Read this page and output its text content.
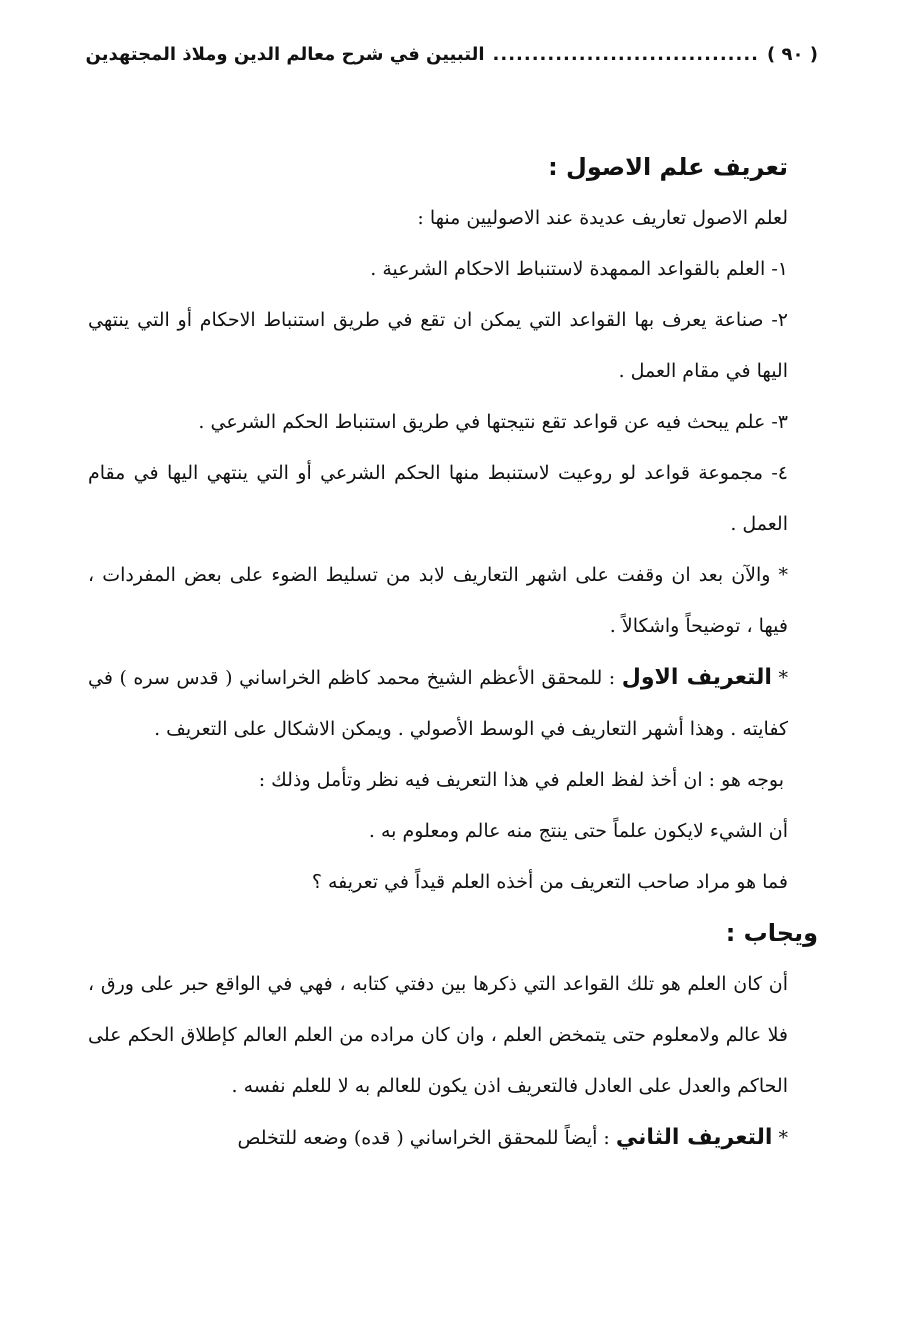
( ٩٠ )
..................................
التبيين في شرح معالم الدين وملاذ المجتهدين
تعريف علم الاصول :

لعلم الاصول تعاريف عديدة عند الاصوليين منها :

١- العلم بالقواعد الممهدة لاستنباط الاحكام الشرعية .

٢- صناعة يعرف بها القواعد التي يمكن ان تقع في طريق استنباط الاحكام أو التي ينتهي اليها في مقام العمل .

٣- علم يبحث فيه عن قواعد تقع نتيجتها في طريق استنباط الحكم الشرعي .

٤- مجموعة قواعد لو روعيت لاستنبط منها الحكم الشرعي أو التي ينتهي اليها في مقام العمل .

* والآن بعد ان وقفت على اشهر التعاريف لابد من تسليط الضوء على بعض المفردات ، فيها ، توضيحاً واشكالاً .

* التعريف الاول : للمحقق الأعظم الشيخ محمد كاظم الخراساني ( قدس سره ) في كفايته . وهذا أشهر التعاريف في الوسط الأصولي . ويمكن الاشكال على التعريف .

بوجه هو : ان أخذ لفظ العلم في هذا التعريف فيه نظر وتأمل وذلك :

أن الشيء لايكون علماً حتى ينتج منه عالم ومعلوم به .

فما هو مراد صاحب التعريف من أخذه العلم قيداً في تعريفه ؟

ويجاب :

أن كان العلم هو تلك القواعد التي ذكرها بين دفتي كتابه ، فهي في الواقع حبر على ورق ، فلا عالم ولامعلوم حتى يتمخض العلم ، وان كان مراده من العلم العالم كإطلاق الحكم على الحاكم والعدل على العادل فالتعريف اذن يكون للعالم به لا للعلم نفسه .

* التعريف الثاني : أيضاً للمحقق الخراساني ( قده) وضعه للتخلص
